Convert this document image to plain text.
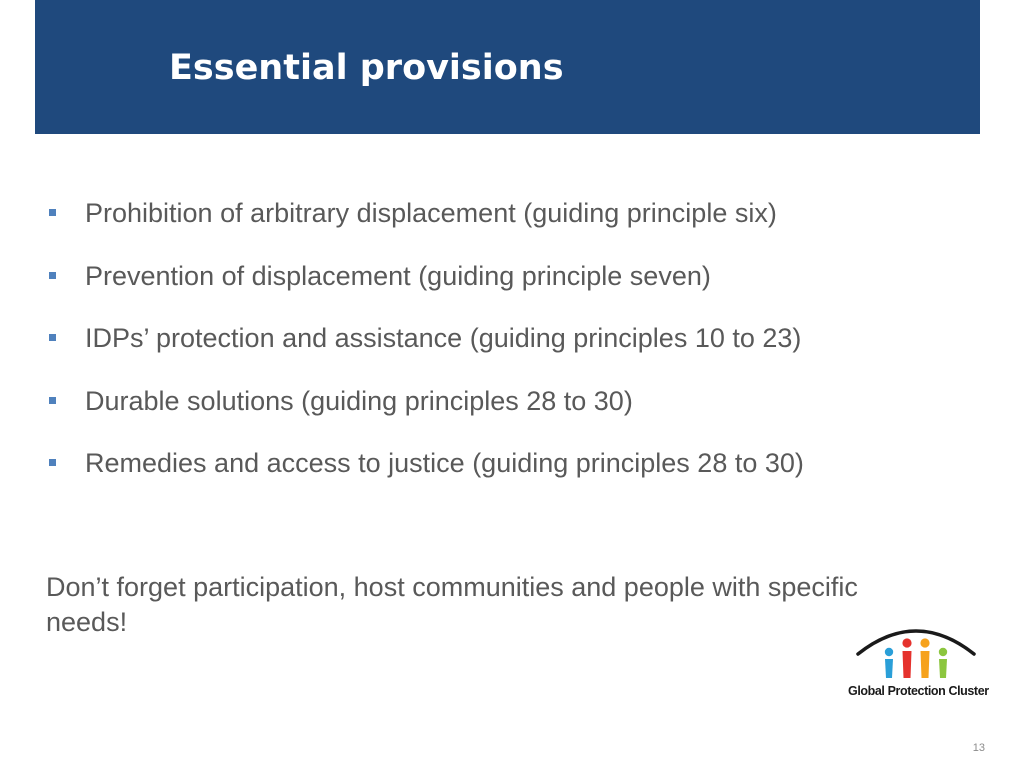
Essential provisions
Prohibition of arbitrary displacement (guiding principle six)
Prevention of displacement (guiding principle seven)
IDPs’ protection and assistance (guiding principles 10 to 23)
Durable solutions (guiding principles 28 to 30)
Remedies and access to justice (guiding principles 28 to 30)

Don’t forget participation, host communities and people with specific needs!

Global Protection Cluster
13
